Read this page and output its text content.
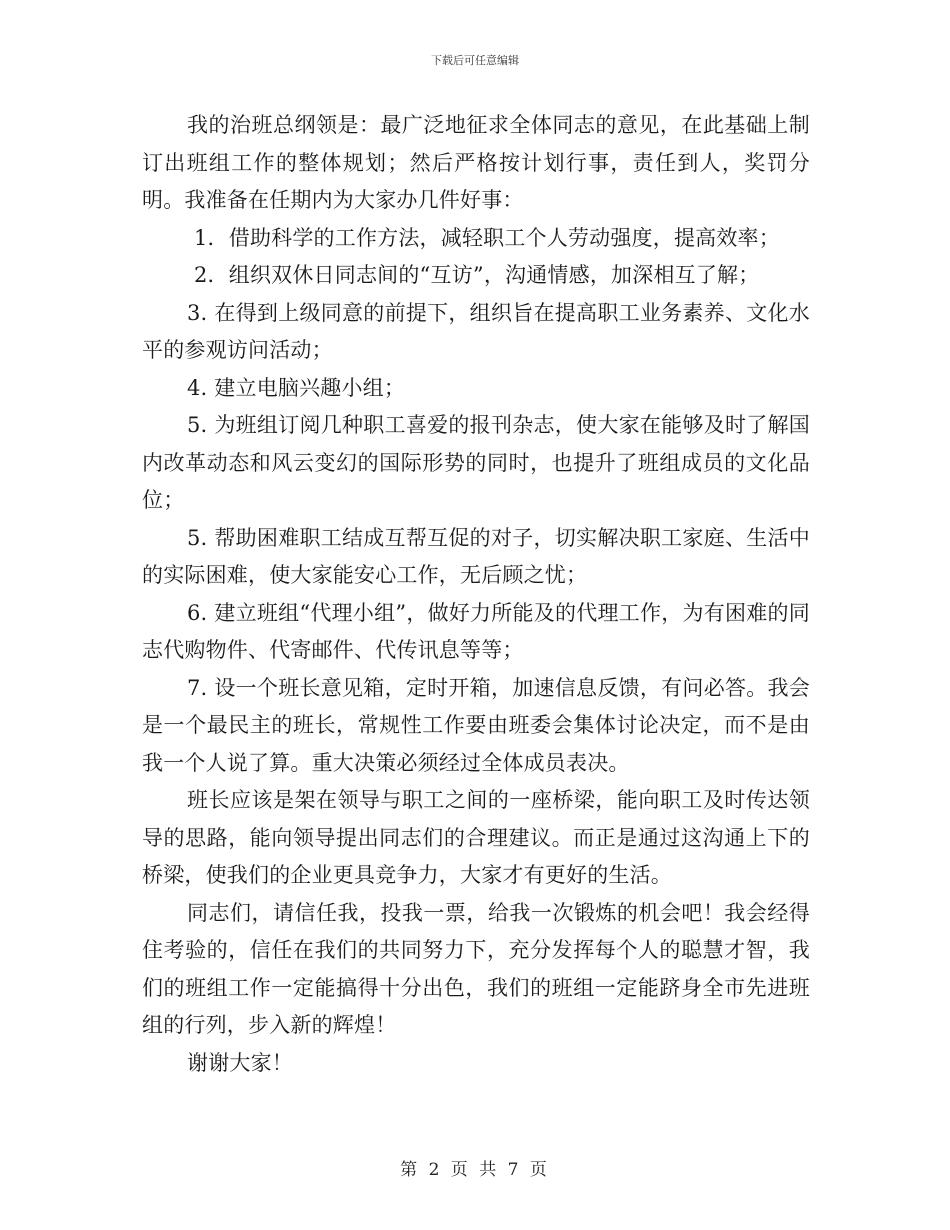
下载后可任意编辑

我的治班总纲领是：最广泛地征求全体同志的意见，在此基础上制订出班组工作的整体规划；然后严格按计划行事，责任到人，奖罚分明。我准备在任期内为大家办几件好事：

1．借助科学的工作方法，减轻职工个人劳动强度，提高效率；

2．组织双休日同志间的“互访”，沟通情感，加深相互了解；

3. 在得到上级同意的前提下，组织旨在提高职工业务素养、文化水平的参观访问活动；

4. 建立电脑兴趣小组；

5. 为班组订阅几种职工喜爱的报刊杂志，使大家在能够及时了解国内改革动态和风云变幻的国际形势的同时，也提升了班组成员的文化品位；

5. 帮助困难职工结成互帮互促的对子，切实解决职工家庭、生活中的实际困难，使大家能安心工作，无后顾之忧；

6. 建立班组“代理小组”，做好力所能及的代理工作，为有困难的同志代购物件、代寄邮件、代传讯息等等；

7. 设一个班长意见箱，定时开箱，加速信息反馈，有问必答。我会是一个最民主的班长，常规性工作要由班委会集体讨论决定，而不是由我一个人说了算。重大决策必须经过全体成员表决。

班长应该是架在领导与职工之间的一座桥梁，能向职工及时传达领导的思路，能向领导提出同志们的合理建议。而正是通过这沟通上下的桥梁，使我们的企业更具竞争力，大家才有更好的生活。

同志们，请信任我，投我一票，给我一次锻炼的机会吧！我会经得住考验的，信任在我们的共同努力下，充分发挥每个人的聪慧才智，我们的班组工作一定能搞得十分出色，我们的班组一定能跻身全市先进班组的行列，步入新的辉煌！

谢谢大家！

第 2 页 共 7 页
